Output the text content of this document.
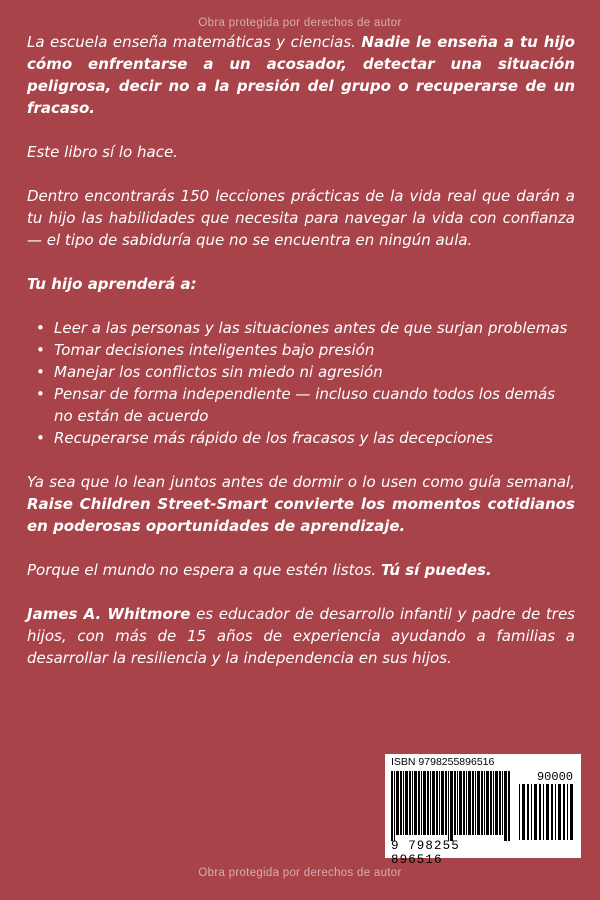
Obra protegida por derechos de autor

La escuela enseña matemáticas y ciencias. Nadie le enseña a tu hijo cómo enfrentarse a un acosador, detectar una situación peligrosa, decir no a la presión del grupo o recuperarse de un fracaso.

Este libro sí lo hace.

Dentro encontrarás 150 lecciones prácticas de la vida real que darán a tu hijo las habilidades que necesita para navegar la vida con confianza — el tipo de sabiduría que no se encuentra en ningún aula.

Tu hijo aprenderá a:

• Leer a las personas y las situaciones antes de que surjan problemas
• Tomar decisiones inteligentes bajo presión
• Manejar los conflictos sin miedo ni agresión
• Pensar de forma independiente — incluso cuando todos los demás no están de acuerdo
• Recuperarse más rápido de los fracasos y las decepciones

Ya sea que lo lean juntos antes de dormir o lo usen como guía semanal, Raise Children Street-Smart convierte los momentos cotidianos en poderosas oportunidades de aprendizaje.

Porque el mundo no espera a que estén listos. Tú sí puedes.

James A. Whitmore es educador de desarrollo infantil y padre de tres hijos, con más de 15 años de experiencia ayudando a familias a desarrollar la resiliencia y la independencia en sus hijos.

ISBN 9798255896516
90000
9 798255 896516
Obra protegida por derechos de autor
